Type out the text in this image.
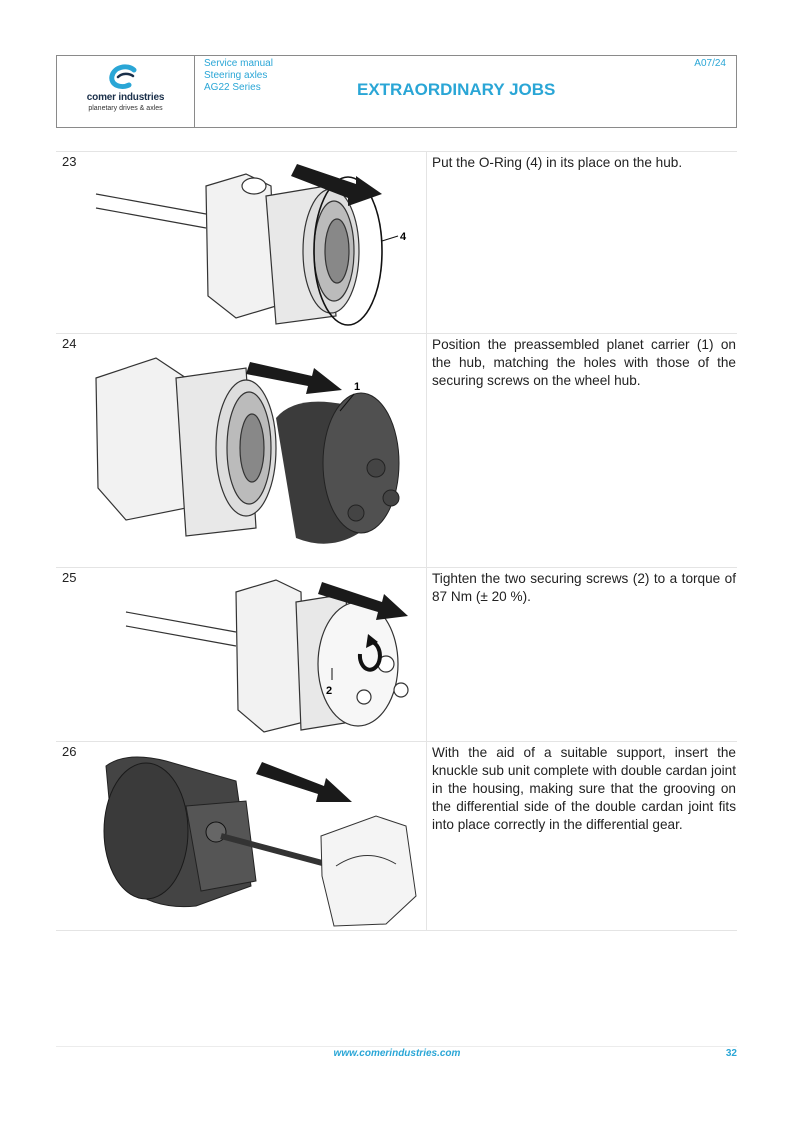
comer industries
planetary drives & axles
Service manual
Steering axles
AG22 Series
A07/24
EXTRAORDINARY JOBS
23
4
Put the O-Ring (4) in its place on the hub.
24
1
Position the preassembled planet carrier (1) on the hub, matching the holes with those of the securing screws on the wheel hub.
25
2
Tighten the two securing screws (2) to a torque of 87 Nm (± 20 %).
26	With the aid of a suitable support, insert the knuckle sub unit complete with double cardan joint in the housing, making sure that the grooving on the differential side of the double cardan joint fits into place correctly in the differential gear.
www.comerindustries.com	32
